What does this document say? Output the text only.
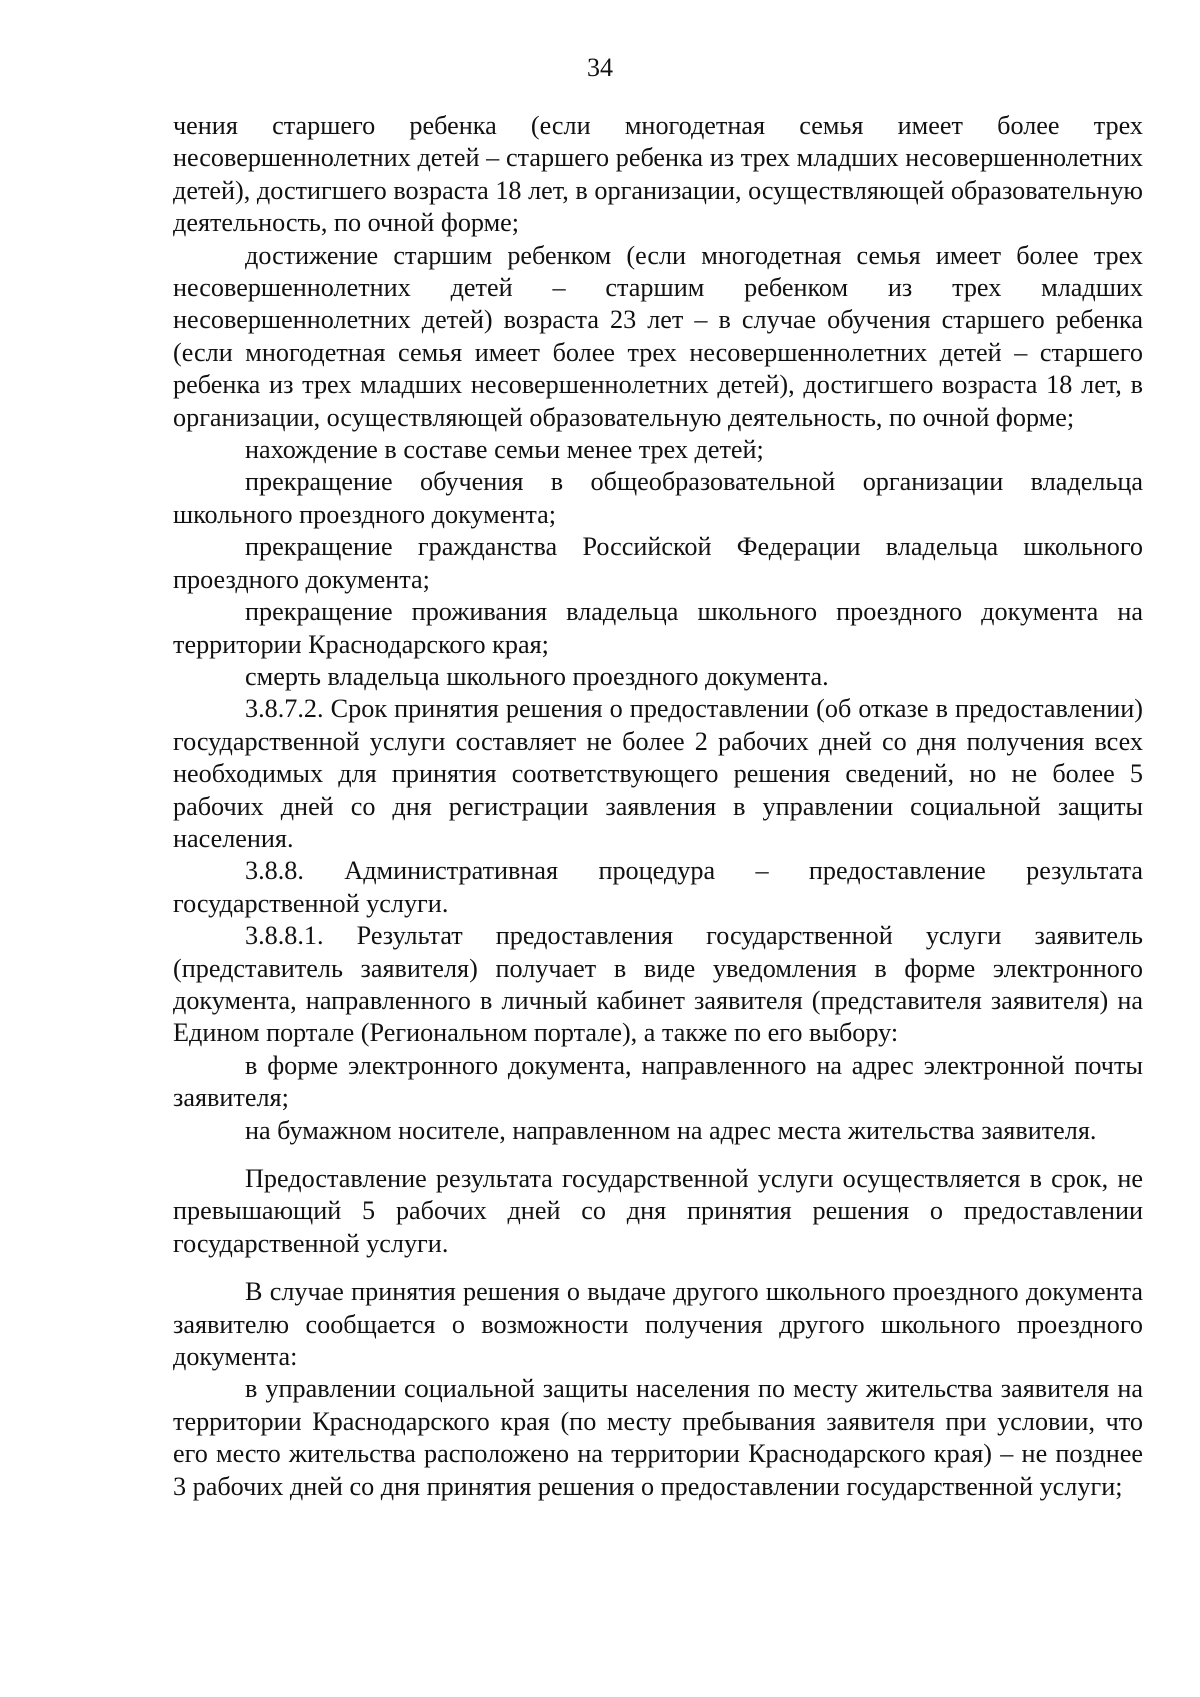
34

чения старшего ребенка (если многодетная семья имеет более трех несовершеннолетних детей – старшего ребенка из трех младших несовершеннолетних детей), достигшего возраста 18 лет, в организации, осуществляющей образовательную деятельность, по очной форме;

достижение старшим ребенком (если многодетная семья имеет более трех несовершеннолетних детей – старшим ребенком из трех младших несовершеннолетних детей) возраста 23 лет – в случае обучения старшего ребенка (если многодетная семья имеет более трех несовершеннолетних детей – старшего ребенка из трех младших несовершеннолетних детей), достигшего возраста 18 лет, в организации, осуществляющей образовательную деятельность, по очной форме;

нахождение в составе семьи менее трех детей;

прекращение обучения в общеобразовательной организации владельца школьного проездного документа;

прекращение гражданства Российской Федерации владельца школьного проездного документа;

прекращение проживания владельца школьного проездного документа на территории Краснодарского края;

смерть владельца школьного проездного документа.

3.8.7.2. Срок принятия решения о предоставлении (об отказе в предоставлении) государственной услуги составляет не более 2 рабочих дней со дня получения всех необходимых для принятия соответствующего решения сведений, но не более 5 рабочих дней со дня регистрации заявления в управлении социальной защиты населения.

3.8.8. Административная процедура – предоставление результата государственной услуги.

3.8.8.1. Результат предоставления государственной услуги заявитель (представитель заявителя) получает в виде уведомления в форме электронного документа, направленного в личный кабинет заявителя (представителя заявителя) на Едином портале (Региональном портале), а также по его выбору:

в форме электронного документа, направленного на адрес электронной почты заявителя;

на бумажном носителе, направленном на адрес места жительства заявителя.

Предоставление результата государственной услуги осуществляется в срок, не превышающий 5 рабочих дней со дня принятия решения о предоставлении государственной услуги.

В случае принятия решения о выдаче другого школьного проездного документа заявителю сообщается о возможности получения другого школьного проездного документа:

в управлении социальной защиты населения по месту жительства заявителя на территории Краснодарского края (по месту пребывания заявителя при условии, что его место жительства расположено на территории Краснодарского края) – не позднее 3 рабочих дней со дня принятия решения о предоставлении государственной услуги;
